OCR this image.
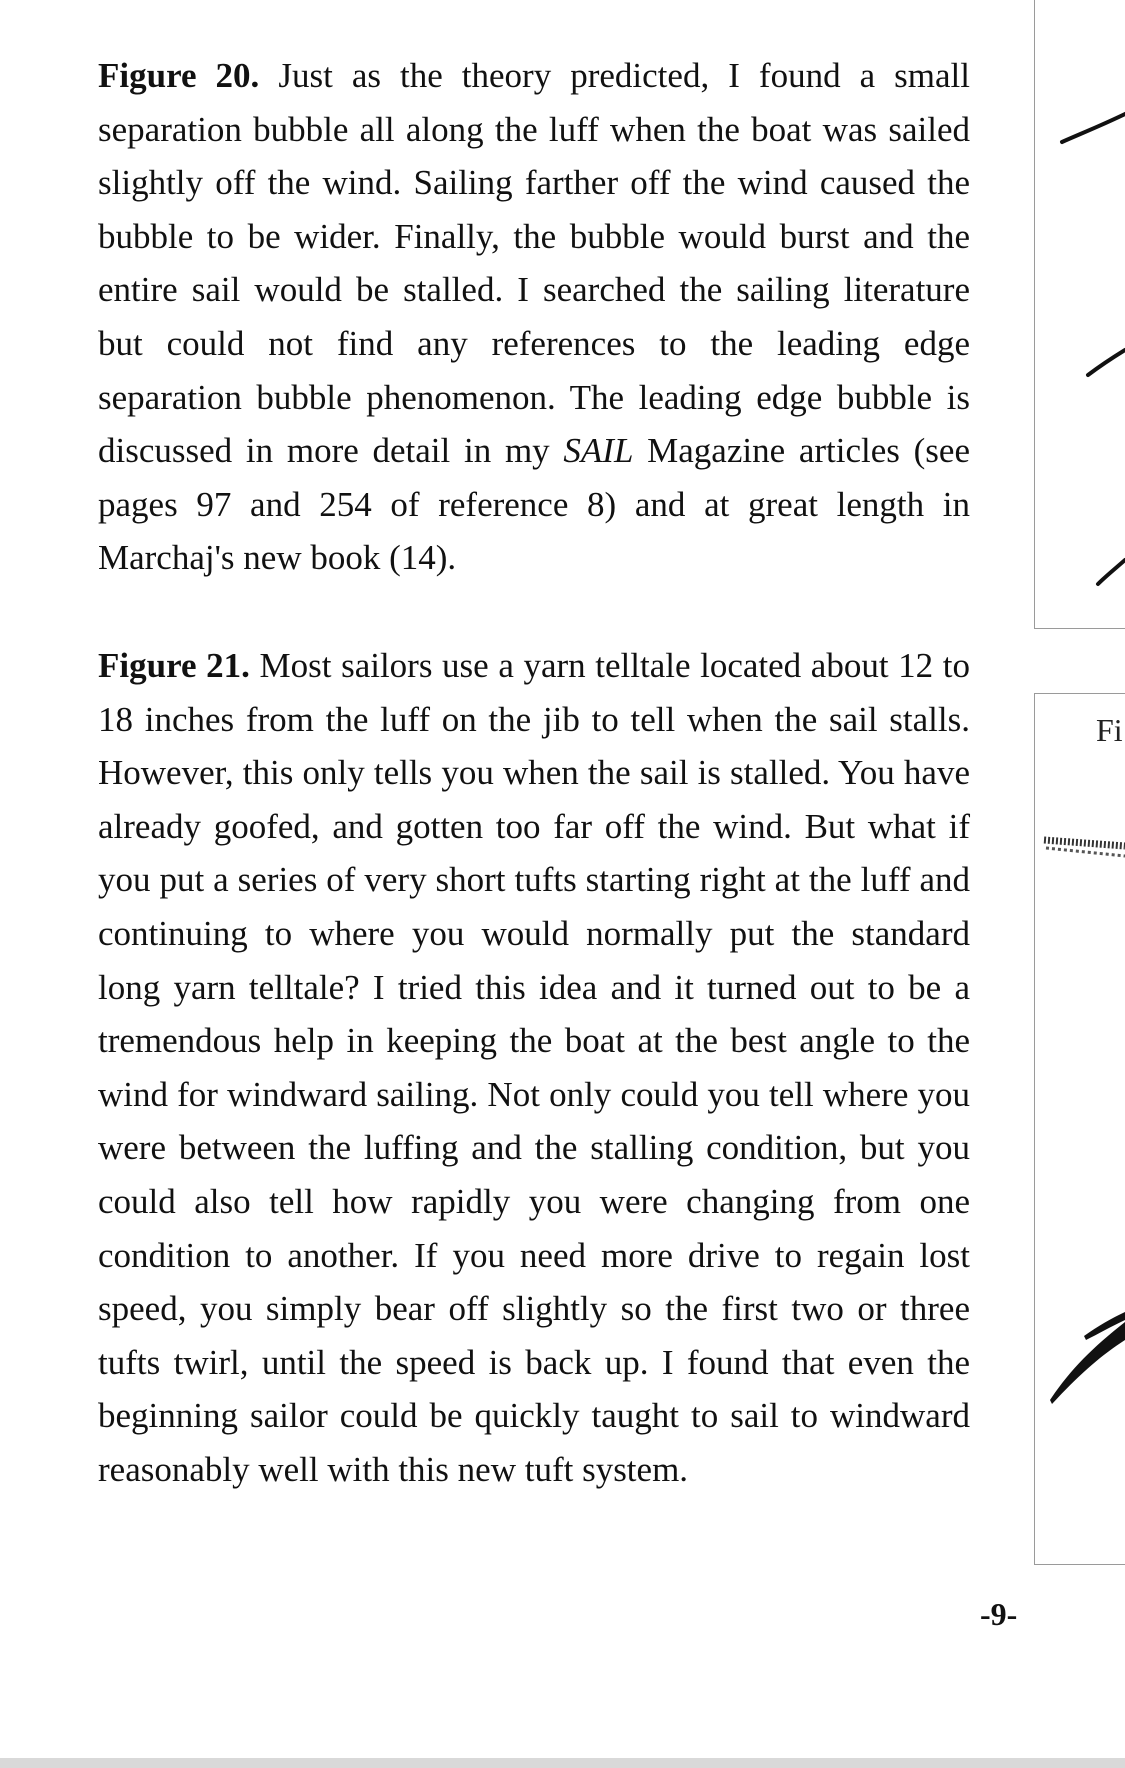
Fi

Figure 20. Just as the theory predicted, I found a small separation bubble all along the luff when the boat was sailed slightly off the wind. Sailing farther off the wind caused the bubble to be wider. Finally, the bubble would burst and the entire sail would be stalled. I searched the sailing literature but could not find any references to the leading edge separation bubble phenomenon. The leading edge bubble is discussed in more detail in my SAIL Magazine articles (see pages 97 and 254 of reference 8) and at great length in Marchaj's new book (14).

Figure 21. Most sailors use a yarn telltale located about 12 to 18 inches from the luff on the jib to tell when the sail stalls. However, this only tells you when the sail is stalled. You have already goofed, and gotten too far off the wind. But what if you put a series of very short tufts starting right at the luff and continuing to where you would normally put the standard long yarn telltale? I tried this idea and it turned out to be a tremendous help in keeping the boat at the best angle to the wind for windward sailing. Not only could you tell where you were between the luffing and the stalling condition, but you could also tell how rapidly you were changing from one condition to another. If you need more drive to regain lost speed, you simply bear off slightly so the first two or three tufts twirl, until the speed is back up. I found that even the beginning sailor could be quickly taught to sail to windward reasonably well with this new tuft system.

-9-
